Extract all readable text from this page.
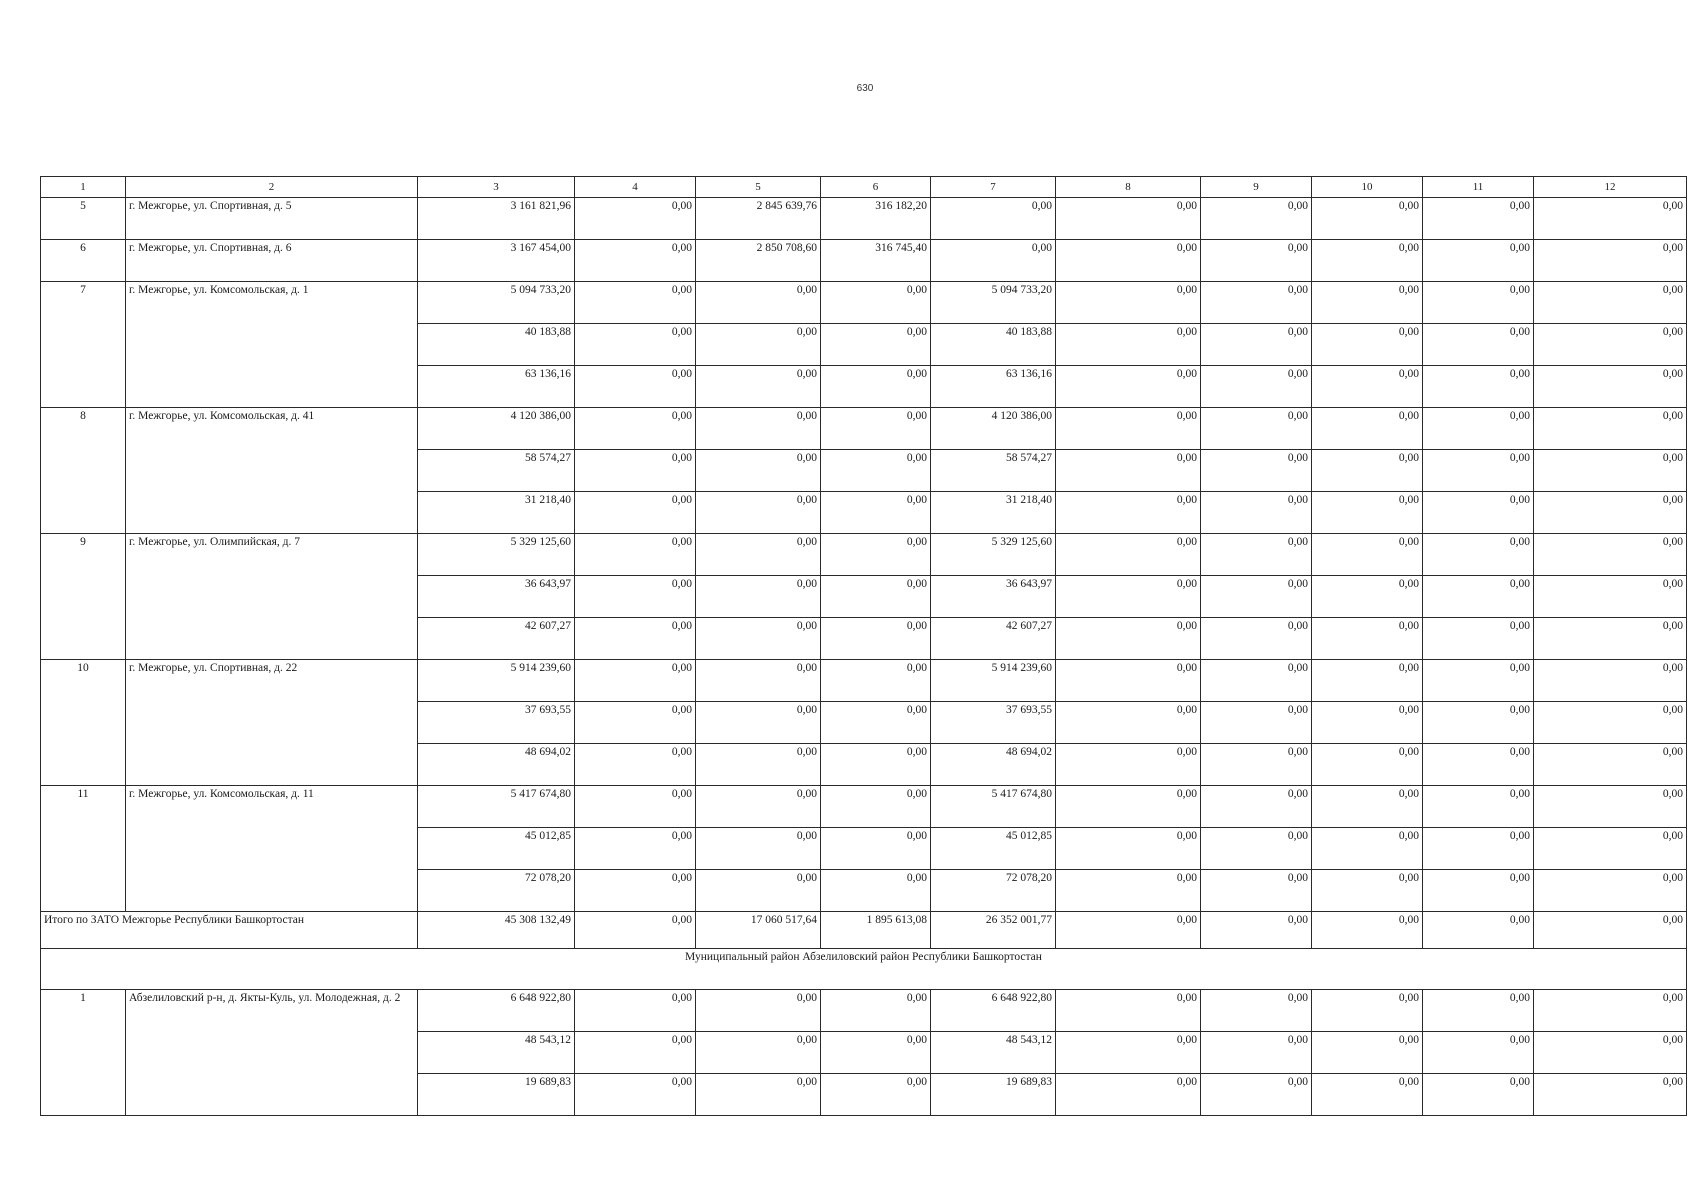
630
1	2	3	4	5	6	7	8	9	10	11	12
5	г. Межгорье, ул. Спортивная, д. 5	3 161 821,96	0,00	2 845 639,76	316 182,20	0,00	0,00	0,00	0,00	0,00	0,00
6	г. Межгорье, ул. Спортивная, д. 6	3 167 454,00	0,00	2 850 708,60	316 745,40	0,00	0,00	0,00	0,00	0,00	0,00
7	г. Межгорье, ул. Комсомольская, д. 1	5 094 733,20	0,00	0,00	0,00	5 094 733,20	0,00	0,00	0,00	0,00	0,00
		40 183,88	0,00	0,00	0,00	40 183,88	0,00	0,00	0,00	0,00	0,00
		63 136,16	0,00	0,00	0,00	63 136,16	0,00	0,00	0,00	0,00	0,00
8	г. Межгорье, ул. Комсомольская, д. 41	4 120 386,00	0,00	0,00	0,00	4 120 386,00	0,00	0,00	0,00	0,00	0,00
		58 574,27	0,00	0,00	0,00	58 574,27	0,00	0,00	0,00	0,00	0,00
		31 218,40	0,00	0,00	0,00	31 218,40	0,00	0,00	0,00	0,00	0,00
9	г. Межгорье, ул. Олимпийская, д. 7	5 329 125,60	0,00	0,00	0,00	5 329 125,60	0,00	0,00	0,00	0,00	0,00
		36 643,97	0,00	0,00	0,00	36 643,97	0,00	0,00	0,00	0,00	0,00
		42 607,27	0,00	0,00	0,00	42 607,27	0,00	0,00	0,00	0,00	0,00
10	г. Межгорье, ул. Спортивная, д. 22	5 914 239,60	0,00	0,00	0,00	5 914 239,60	0,00	0,00	0,00	0,00	0,00
		37 693,55	0,00	0,00	0,00	37 693,55	0,00	0,00	0,00	0,00	0,00
		48 694,02	0,00	0,00	0,00	48 694,02	0,00	0,00	0,00	0,00	0,00
11	г. Межгорье, ул. Комсомольская, д. 11	5 417 674,80	0,00	0,00	0,00	5 417 674,80	0,00	0,00	0,00	0,00	0,00
		45 012,85	0,00	0,00	0,00	45 012,85	0,00	0,00	0,00	0,00	0,00
		72 078,20	0,00	0,00	0,00	72 078,20	0,00	0,00	0,00	0,00	0,00
Итого по ЗАТО Межгорье Республики Башкортостан		45 308 132,49	0,00	17 060 517,64	1 895 613,08	26 352 001,77	0,00	0,00	0,00	0,00	0,00
Муниципальный район Абзелиловский район Республики Башкортостан											
1	Абзелиловский р-н, д. Якты-Куль, ул. Молодежная, д. 2	6 648 922,80	0,00	0,00	0,00	6 648 922,80	0,00	0,00	0,00	0,00	0,00
		48 543,12	0,00	0,00	0,00	48 543,12	0,00	0,00	0,00	0,00	0,00
		19 689,83	0,00	0,00	0,00	19 689,83	0,00	0,00	0,00	0,00	0,00
